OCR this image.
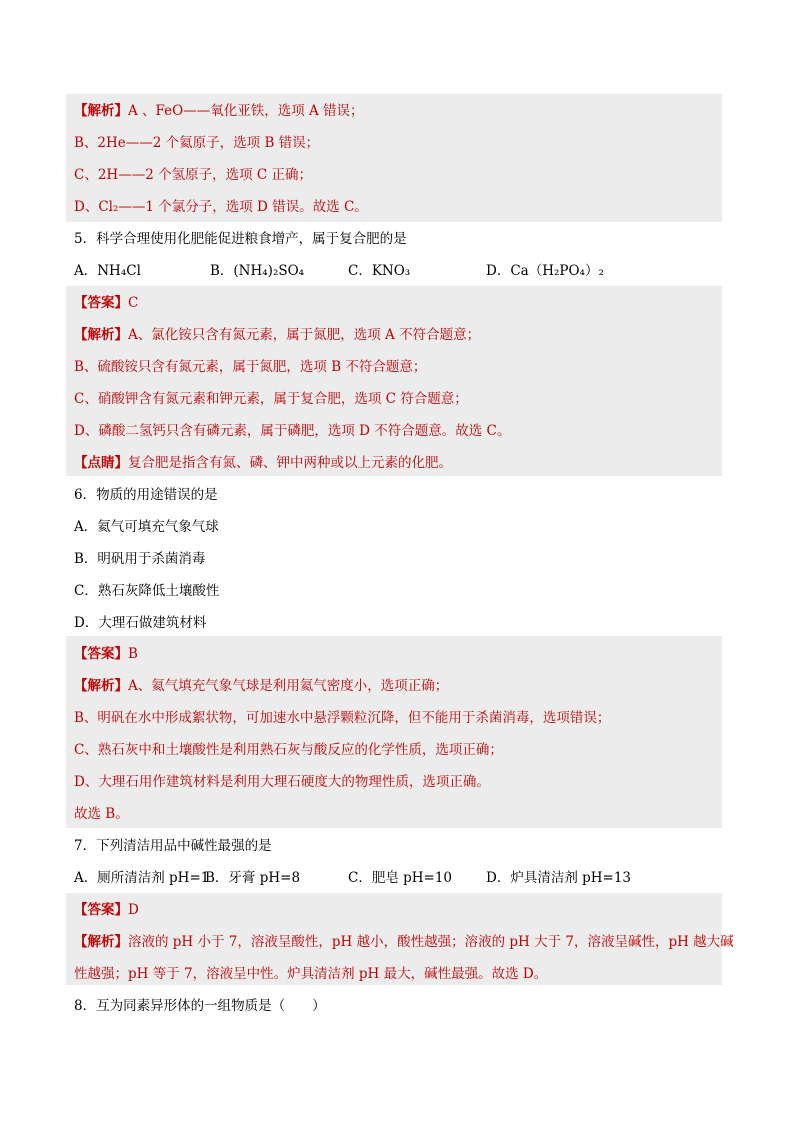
【解析】A 、FeO——氧化亚铁，选项 A 错误；
B、2He——2 个氦原子，选项 B 错误；
C、2H——2 个氢原子，选项 C 正确；
D、Cl₂——1 个氯分子，选项 D 错误。故选 C。
5．科学合理使用化肥能促进粮食增产，属于复合肥的是
A．NH₄Cl	B．(NH₄)₂SO₄	C．KNO₃	D．Ca（H₂PO₄）₂
【答案】C
【解析】A、氯化铵只含有氮元素，属于氮肥，选项 A 不符合题意；
B、硫酸铵只含有氮元素，属于氮肥，选项 B 不符合题意；
C、硝酸钾含有氮元素和钾元素，属于复合肥，选项 C 符合题意；
D、磷酸二氢钙只含有磷元素，属于磷肥，选项 D 不符合题意。故选 C。
【点睛】复合肥是指含有氮、磷、钾中两种或以上元素的化肥。
6．物质的用途错误的是
A．氦气可填充气象气球
B．明矾用于杀菌消毒
C．熟石灰降低土壤酸性
D．大理石做建筑材料
【答案】B
【解析】A、氦气填充气象气球是利用氦气密度小，选项正确；
B、明矾在水中形成絮状物，可加速水中悬浮颗粒沉降，但不能用于杀菌消毒，选项错误；
C、熟石灰中和土壤酸性是利用熟石灰与酸反应的化学性质，选项正确；
D、大理石用作建筑材料是利用大理石硬度大的物理性质，选项正确。
故选 B。
7．下列清洁用品中碱性最强的是
A．厕所清洁剂 pH=1
B．牙膏 pH=8	C．肥皂 pH=10	D．炉具清洁剂 pH=13
【答案】D
【解析】溶液的 pH 小于 7，溶液呈酸性，pH 越小，酸性越强；溶液的 pH 大于 7，溶液呈碱性，pH 越大碱
性越强；pH 等于 7，溶液呈中性。炉具清洁剂 pH 最大，碱性最强。故选 D。
8．互为同素异形体的一组物质是（　　）
